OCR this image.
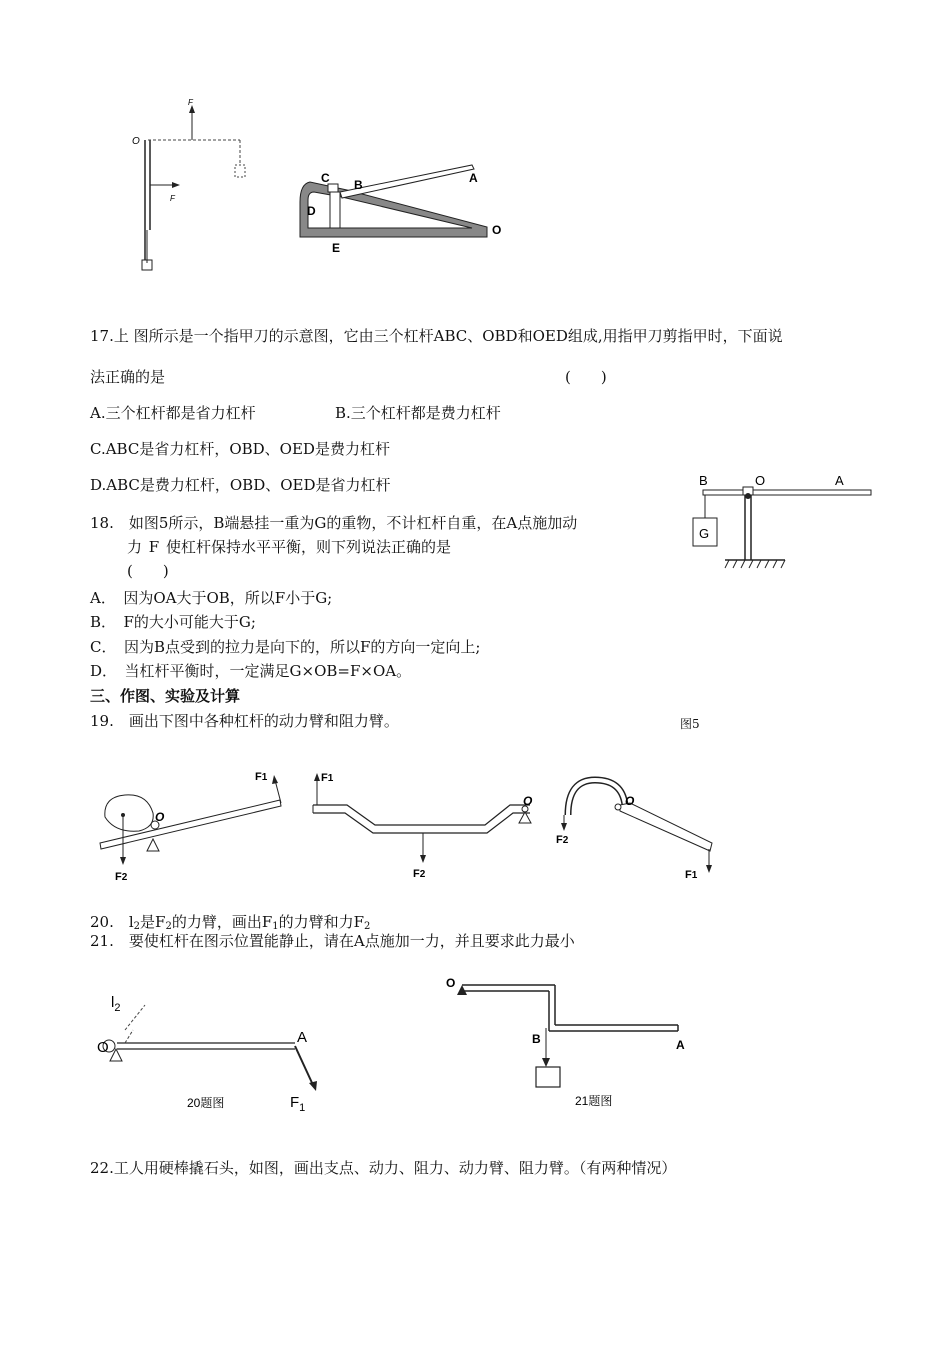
O
F
F
C B	A
D
E
O
17.上 图所示是一个指甲刀的示意图，它由三个杠杆ABC、OBD和OED组成,用指甲刀剪指甲时，下面说
法正确的是	(　　)
A.三个杠杆都是省力杠杆	B.三个杠杆都是费力杠杆
C.ABC是省力杠杆，OBD、OED是费力杠杆
D.ABC是费力杠杆，OBD、OED是省力杠杆
18.　如图5所示，B端悬挂一重为G的重物，不计杠杆自重，在A点施加动
力 F 使杠杆保持水平平衡，则下列说法正确的是
(　　)
A．　因为OA大于OB，所以F小于G;
B．　F的大小可能大于G;
C．　因为B点受到的拉力是向下的，所以F的方向一定向上;
D．　当杠杆平衡时，一定满足G×OB=F×OA。
B	O	A
G
三、作图、实验及计算
19.　画出下图中各种杠杆的动力臂和阻力臂。	图5
F1
F2
O
F1
F2
O
F2
F1
O
20.　$l_2$是$F_2$的力臂，画出$F_1$的力臂和力$F_2$
21.　要使杠杆在图示位置能静止，请在A点施加一力，并且要求此力最小
$l_2$
O
A
$F_1$
20题图
O
B	A
21题图
22.工人用硬棒撬石头，如图，画出支点、动力、阻力、动力臂、阻力臂。（有两种情况）
